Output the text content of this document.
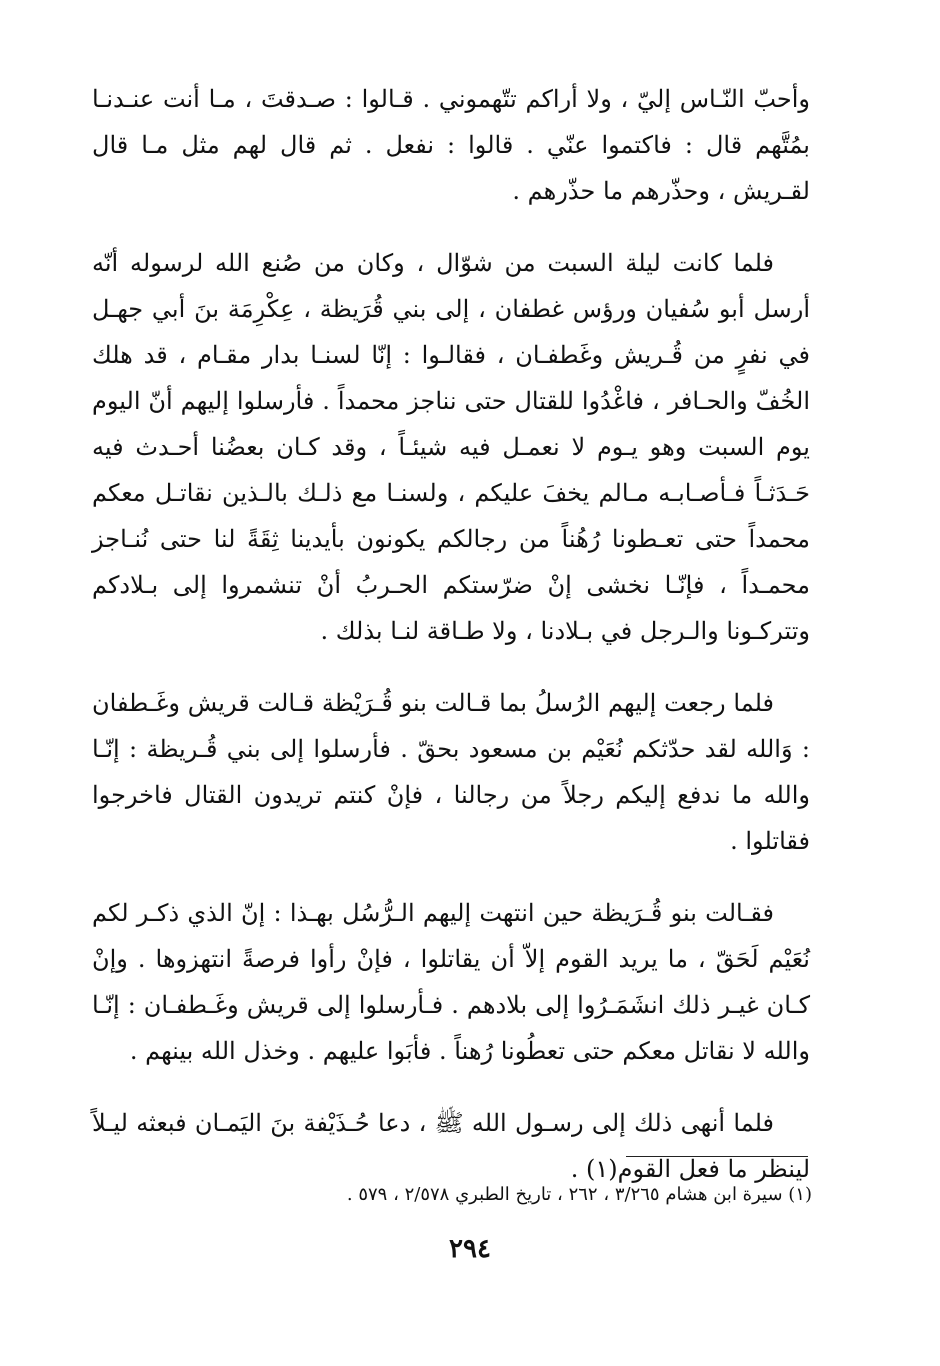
وأحبّ النّـاس إليّ ، ولا أراكم تتّهموني . قـالوا : صـدقتَ ، مـا أنت عنـدنـا بمُتَّهم قال : فاكتموا عنّي . قالوا : نفعل . ثم قال لهم مثل مـا قال لقـريش ، وحذّرهم ما حذّرهم .

فلما كانت ليلة السبت من شوّال ، وكان من صُنع الله لرسوله أنّه أرسل أبو سُفيان ورؤس غطفان ، إلى بني قُرَيظة ، عِكْرِمَة بنَ أبي جهـل في نفرٍ من قُـريش وغَطفـان ، فقالـوا : إنّا لسنـا بدار مقـام ، قد هلك الخُفّ والحـافر ، فاغْدُوا للقتال حتى نناجز محمداً . فأرسلوا إليهم أنّ اليوم يوم السبت وهو يـوم لا نعمـل فيه شيئـاً ، وقد كـان بعضُنا أحـدث فيه حَـدَثـاً فـأصـابـه مـالم يخفَ عليكم ، ولسنـا مع ذلـك بالـذين نقاتـل معكم محمداً حتى تعـطونا رُهُناً من رجالكم يكونون بأيدينا ثِقَةً لنا حتى نُنـاجز محمـداً ، فإنّـا نخشى إنْ ضرّستكم الحـربُ أنْ تنشمروا إلى بـلادكم وتتركـونا والـرجل في بـلادنا ، ولا طـاقة لنـا بذلك .

فلما رجعت إليهم الرُسلُ بما قـالت بنو قُـرَيْظة قـالت قريش وغَـطفان : وَالله لقد حدّثكم نُعَيْم بن مسعود بحقّ . فأرسلوا إلى بني قُـريظة : إنّـا والله ما ندفع إليكم رجلاً من رجالنا ، فإنْ كنتم تريدون القتال فاخرجوا فقاتلوا .

فقـالت بنو قُـرَيظة حين انتهت إليهم الـرُّسُل بهـذا : إنّ الذي ذكـر لكم نُعَيْم لَحَقّ ، ما يريد القوم إلاّ أن يقاتلوا ، فإنْ رأوا فرصةً انتهزوها . وإنْ كـان غيـر ذلك انشَمَـرُوا إلى بلادهم . فـأرسلوا إلى قريش وغَـطفـان : إنّـا والله لا نقاتل معكم حتى تعطُونا رُهناً . فأبَوا عليهم . وخذل الله بينهم .

فلما أنهى ذلك إلى رسـول الله ﷺ ، دعا حُـذَيْفة بنَ اليَمـان فبعثه ليـلاً لينظر ما فعل القوم(١) .

(١) سيرة ابن هشام ٣/٢٦٥ ، ٢٦٢ ، تاريخ الطبري ٢/٥٧٨ ، ٥٧٩ .
٢٩٤
